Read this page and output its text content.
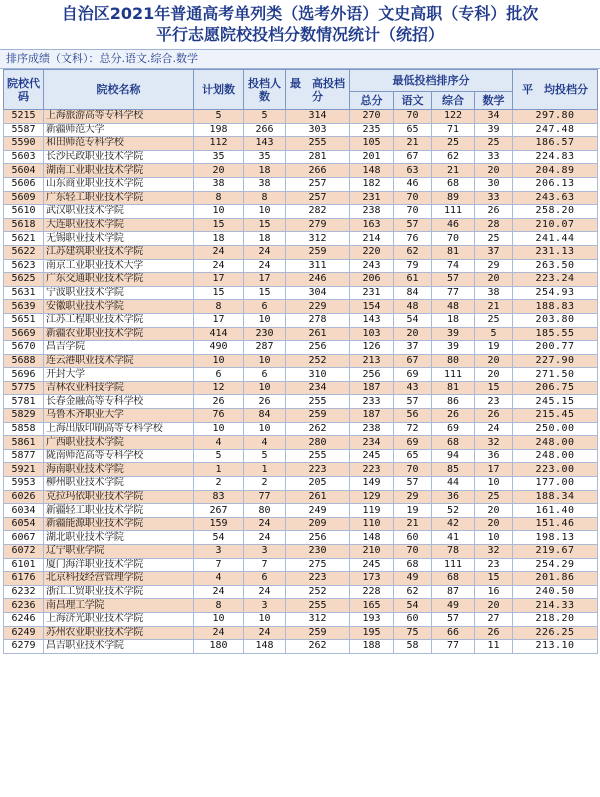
自治区2021年普通高考单列类（选考外语）文史高职（专科）批次
平行志愿院校投档分数情况统计（统招）
排序成绩（文科）：总分.语文.综合.数学
院校代码	院校名称	计划数	投档人数	最　高投档分	最低投档排序分				平　均投档分
					总分	语文	综合	数学	
5215	上海旅游高等专科学校	5	5	314	270	70	122	34	297.80
5587	新疆师范大学	198	266	303	235	65	71	39	247.48
5590	和田师范专科学校	112	143	255	105	21	25	25	186.57
5603	长沙民政职业技术学院	35	35	281	201	67	62	33	224.83
5604	湖南工业职业技术学院	20	18	266	148	63	21	20	204.89
5606	山东商业职业技术学院	38	38	257	182	46	68	30	206.13
5609	广东轻工职业技术学院	8	8	257	231	70	89	33	243.63
5610	武汉职业技术学院	10	10	282	238	70	111	26	258.20
5618	大连职业技术学院	15	15	279	163	57	46	28	210.07
5621	无锡职业技术学院	18	18	312	214	76	70	25	241.44
5622	江苏建筑职业技术学院	24	24	259	220	62	81	37	231.13
5623	南京工业职业技术大学	24	24	311	243	79	74	29	263.50
5625	广东交通职业技术学院	17	17	246	206	61	57	20	223.24
5631	宁波职业技术学院	15	15	304	231	84	77	38	254.93
5639	安徽职业技术学院	8	6	229	154	48	48	21	188.83
5651	江苏工程职业技术学院	17	10	278	143	54	18	25	203.80
5669	新疆农业职业技术学院	414	230	261	103	20	39	5	185.55
5670	昌吉学院	490	287	256	126	37	39	19	200.77
5688	连云港职业技术学院	10	10	252	213	67	80	20	227.90
5696	开封大学	6	6	310	256	69	111	20	271.50
5775	吉林农业科技学院	12	10	234	187	43	81	15	206.75
5781	长春金融高等专科学校	26	26	255	233	57	86	23	245.15
5829	乌鲁木齐职业大学	76	84	259	187	56	26	26	215.45
5858	上海出版印刷高等专科学校	10	10	262	238	72	69	24	250.00
5861	广西职业技术学院	4	4	280	234	69	68	32	248.00
5877	陇南师范高等专科学校	5	5	255	245	65	94	36	248.00
5921	海南职业技术学院	1	1	223	223	70	85	17	223.00
5953	柳州职业技术学院	2	2	205	149	57	44	10	177.00
6026	克拉玛依职业技术学院	83	77	261	129	29	36	25	188.34
6034	新疆轻工职业技术学院	267	80	249	119	19	52	20	161.40
6054	新疆能源职业技术学院	159	24	209	110	21	42	20	151.46
6067	湖北职业技术学院	54	24	256	148	60	41	10	198.13
6072	辽宁职业学院	3	3	230	210	70	78	32	219.67
6101	厦门海洋职业技术学院	7	7	275	245	68	111	23	254.29
6176	北京科技经营管理学院	4	6	223	173	49	68	15	201.86
6232	浙江工贸职业技术学院	24	24	252	228	62	87	16	240.50
6236	南昌理工学院	8	3	255	165	54	49	20	214.33
6246	上海济光职业技术学院	10	10	312	193	60	57	27	218.20
6249	苏州农业职业技术学院	24	24	259	195	75	66	26	226.25
6279	昌吉职业技术学院	180	148	262	188	58	77	11	213.10
